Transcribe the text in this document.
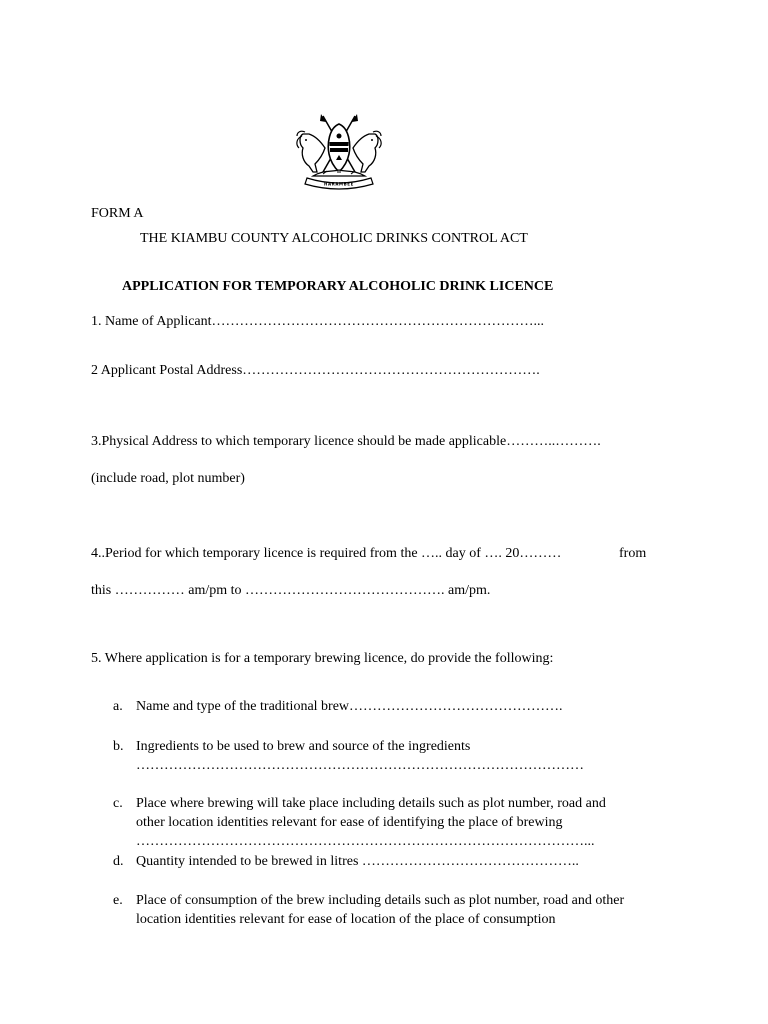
HARAMBEE
FORM A
THE KIAMBU COUNTY ALCOHOLIC DRINKS CONTROL ACT
APPLICATION FOR TEMPORARY ALCOHOLIC DRINK LICENCE
1. Name of Applicant……………………………………………………………...
2 Applicant Postal Address……………………………………………………….
3.Physical Address to which temporary licence should be made applicable………..……….
(include road, plot number)
4..Period for which temporary licence is required from the ….. day of …. 20………	from
this …………… am/pm to ……………………………………. am/pm.
5. Where application is for a temporary brewing licence, do provide the following:
a. Name and type of the traditional brew……………………………………….
b. Ingredients to be used to brew and source of the ingredients
……………………………………………………………………………………
c. Place where brewing will take place including details such as plot number, road and
other location identities relevant for ease of identifying the place of brewing
……………………………………………………………………………………...
d. Quantity intended to be brewed in litres ………………………………………..
e. Place of consumption of the brew including details such as plot number, road and other
location identities relevant for ease of location of the place of consumption
